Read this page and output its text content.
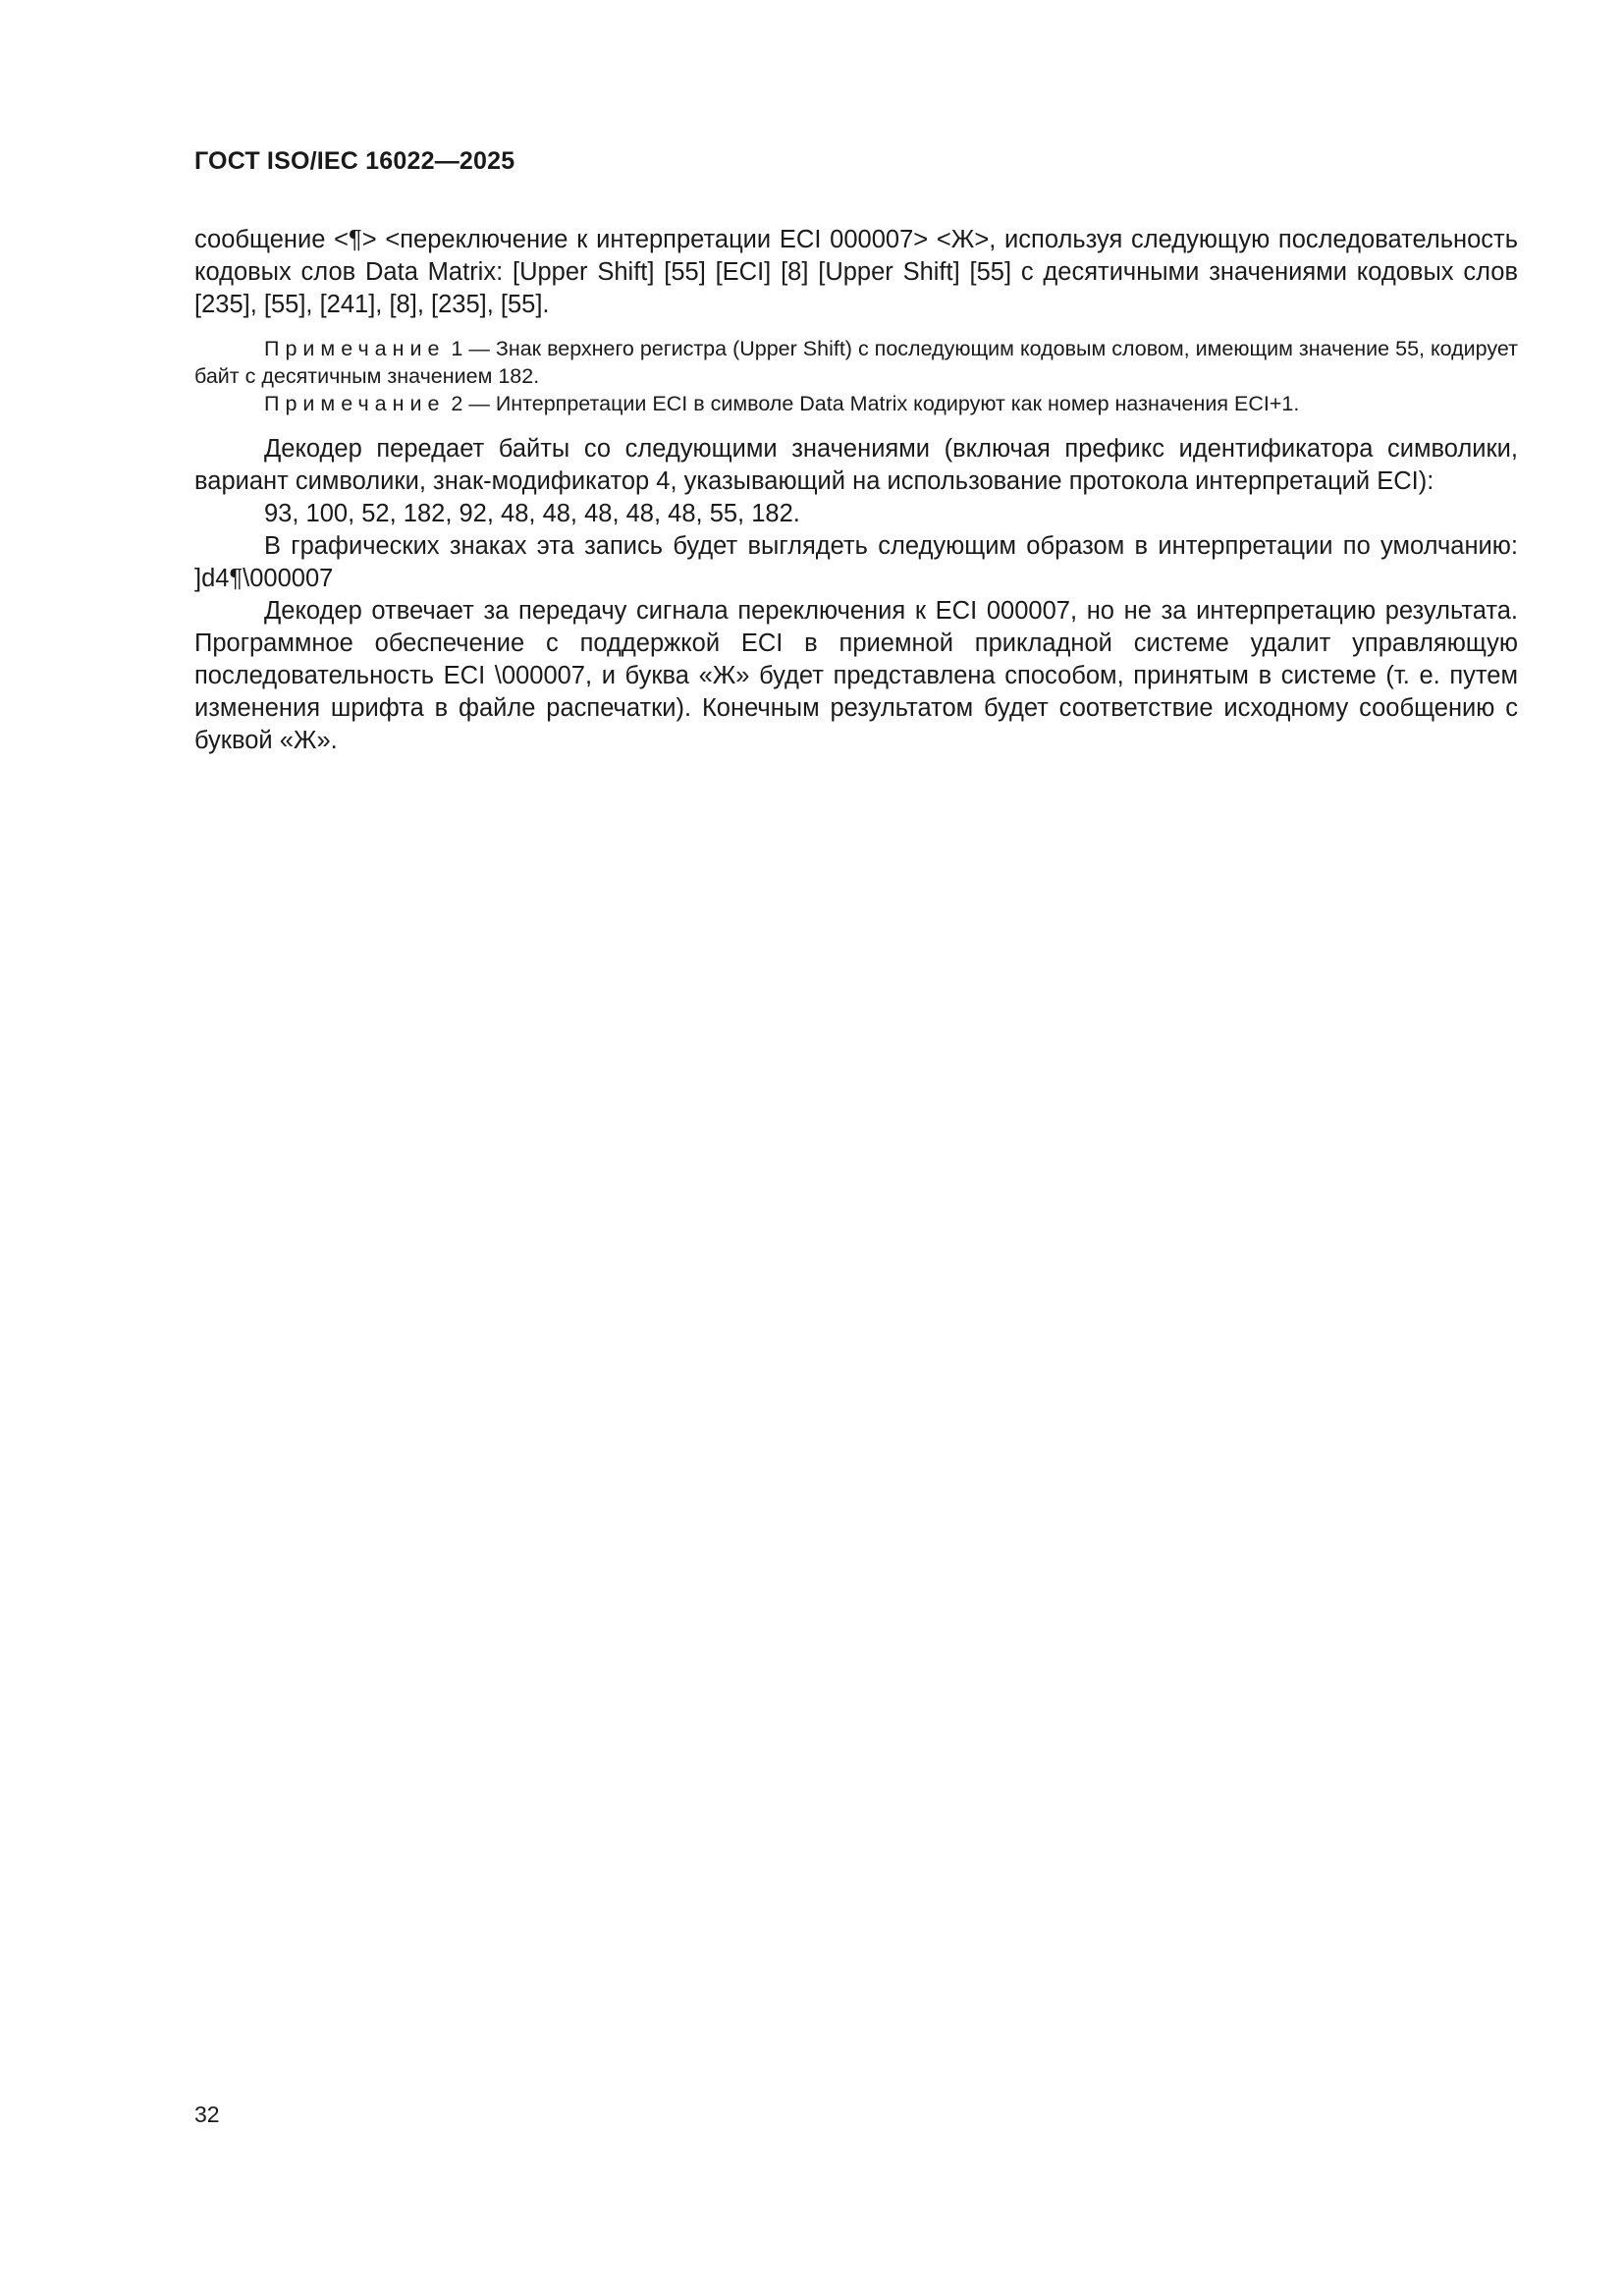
ГОСТ ISO/IEC 16022—2025

сообщение <¶> <переключение к интерпретации ECI 000007> <Ж>, используя следующую последовательность кодовых слов Data Matrix: [Upper Shift] [55] [ECI] [8] [Upper Shift] [55] с десятичными значениями кодовых слов [235], [55], [241], [8], [235], [55].

Примечание 1 — Знак верхнего регистра (Upper Shift) с последующим кодовым словом, имеющим значение 55, кодирует байт с десятичным значением 182.

Примечание 2 — Интерпретации ECI в символе Data Matrix кодируют как номер назначения ECI+1.

Декодер передает байты со следующими значениями (включая префикс идентификатора символики, вариант символики, знак-модификатор 4, указывающий на использование протокола интерпретаций ECI):

93, 100, 52, 182, 92, 48, 48, 48, 48, 48, 55, 182.

В графических знаках эта запись будет выглядеть следующим образом в интерпретации по умолчанию: ]d4¶\000007

Декодер отвечает за передачу сигнала переключения к ECI 000007, но не за интерпретацию результата. Программное обеспечение с поддержкой ECI в приемной прикладной системе удалит управляющую последовательность ECI \000007, и буква «Ж» будет представлена способом, принятым в системе (т. е. путем изменения шрифта в файле распечатки). Конечным результатом будет соответствие исходному сообщению с буквой «Ж».

32
